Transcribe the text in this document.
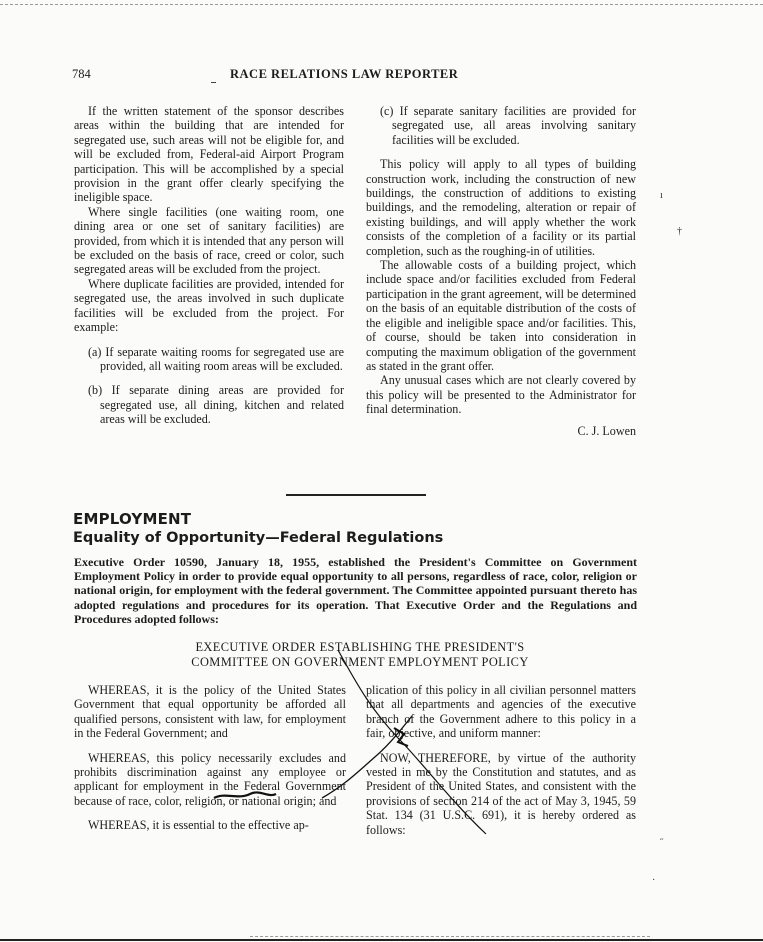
784	RACE RELATIONS LAW REPORTER

If the written statement of the sponsor describes areas within the building that are intended for segregated use, such areas will not be eligible for, and will be excluded from, Federal-aid Airport Program participation. This will be accomplished by a special provision in the grant offer clearly specifying the ineligible space.

Where single facilities (one waiting room, one dining area or one set of sanitary facilities) are provided, from which it is intended that any person will be excluded on the basis of race, creed or color, such segregated areas will be excluded from the project.

Where duplicate facilities are provided, intended for segregated use, the areas involved in such duplicate facilities will be excluded from the project. For example:

(a) If separate waiting rooms for segregated use are provided, all waiting room areas will be excluded.

(b) If separate dining areas are provided for segregated use, all dining, kitchen and related areas will be excluded.

(c) If separate sanitary facilities are provided for segregated use, all areas involving sanitary facilities will be excluded.

This policy will apply to all types of building construction work, including the construction of new buildings, the construction of additions to existing buildings, and the remodeling, alteration or repair of existing buildings, and will apply whether the work consists of the completion of a facility or its partial completion, such as the roughing-in of utilities.

The allowable costs of a building project, which include space and/or facilities excluded from Federal participation in the grant agreement, will be determined on the basis of an equitable distribution of the costs of the eligible and ineligible space and/or facilities. This, of course, should be taken into consideration in computing the maximum obligation of the government as stated in the grant offer.

Any unusual cases which are not clearly covered by this policy will be presented to the Administrator for final determination.

C. J. Lowen
EMPLOYMENT
Equality of Opportunity—Federal Regulations
Executive Order 10590, January 18, 1955, established the President's Committee on Government Employment Policy in order to provide equal opportunity to all persons, regardless of race, color, religion or national origin, for employment with the federal government. The Committee appointed pursuant thereto has adopted regulations and procedures for its operation. That Executive Order and the Regulations and Procedures adopted follows:
EXECUTIVE ORDER ESTABLISHING THE PRESIDENT'S
COMMITTEE ON GOVERNMENT EMPLOYMENT POLICY

WHEREAS, it is the policy of the United States Government that equal opportunity be afforded all qualified persons, consistent with law, for employment in the Federal Government; and

WHEREAS, this policy necessarily excludes and prohibits discrimination against any employee or applicant for employment in the Federal Government because of race, color, religion, or national origin; and

WHEREAS, it is essential to the effective ap-

plication of this policy in all civilian personnel matters that all departments and agencies of the executive branch of the Government adhere to this policy in a fair, objective, and uniform manner:

NOW, THEREFORE, by virtue of the authority vested in me by the Constitution and statutes, and as President of the United States, and consistent with the provisions of section 214 of the act of May 3, 1945, 59 Stat. 134 (31 U.S.C. 691), it is hereby ordered as follows:

ı
†
˝
·
